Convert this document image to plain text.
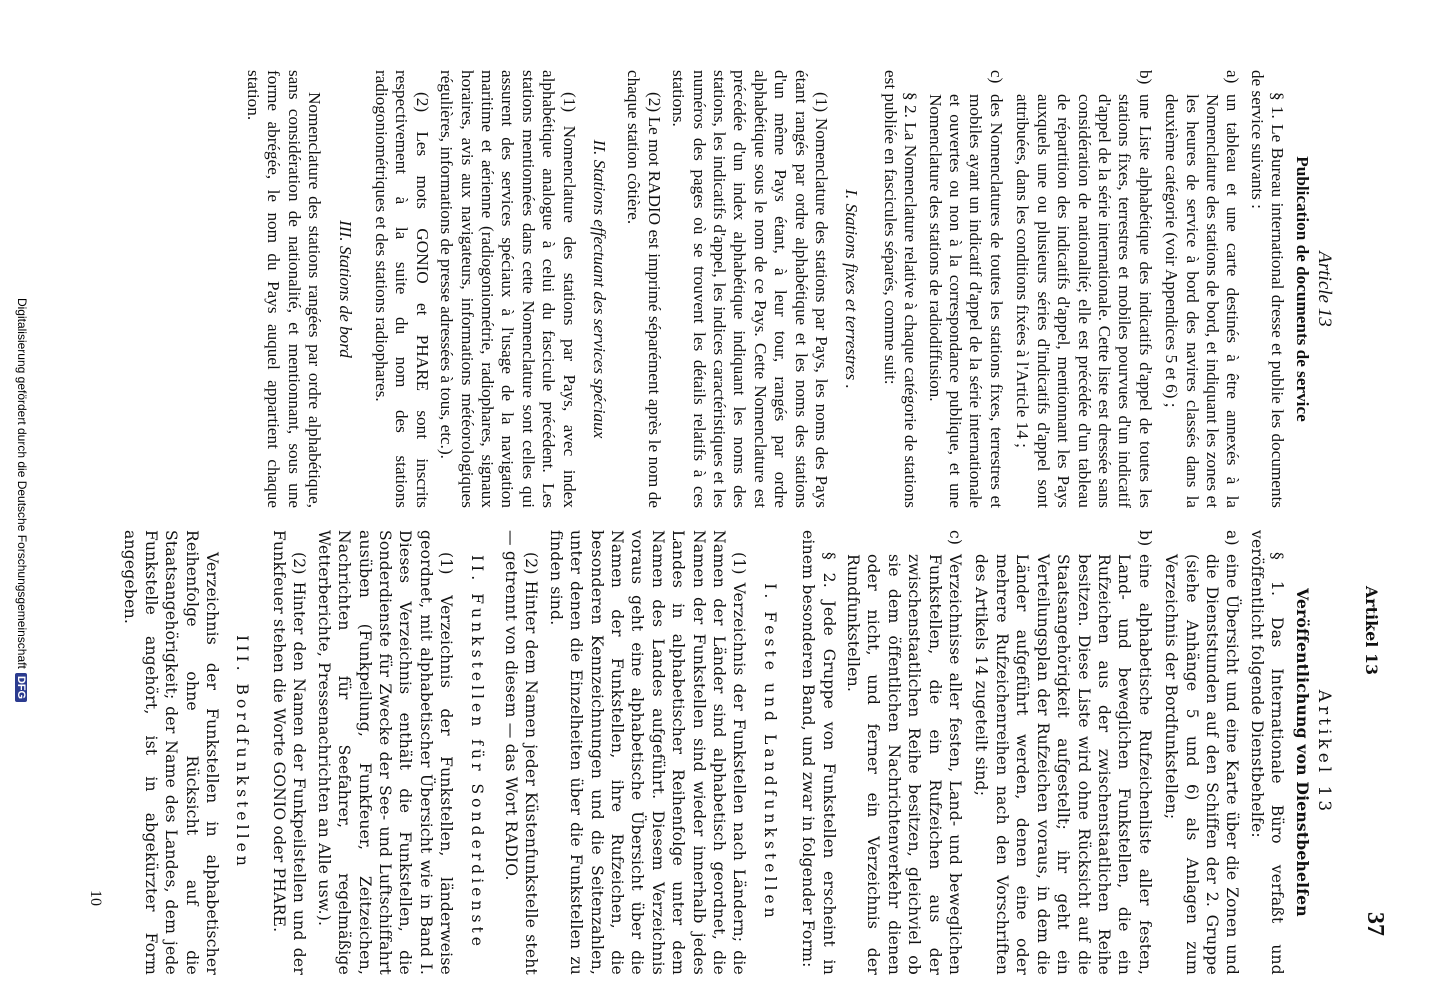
Artikel 13
37

Article 13

Publication de documents de service

§ 1. Le Bureau international dresse et publie les documents de service suivants :

a)
un tableau et une carte destinés à être annexés à la Nomenclature des stations de bord, et indiquant les zones et les heures de service à bord des navires classés dans la deuxième catégorie (voir Appendices 5 et 6) ;
b)
une Liste alphabétique des indicatifs d'appel de toutes les stations fixes, terrestres et mobiles pourvues d'un indicatif d'appel de la série internationale. Cette liste est dressée sans considération de nationalité; elle est précédée d'un tableau de répartition des indicatifs d'appel, mentionnant les Pays auxquels une ou plusieurs séries d'indicatifs d'appel sont attribuées, dans les conditions fixées à l'Article 14 ;
c)
des Nomenclatures de toutes les stations fixes, terrestres et mobiles ayant un indicatif d'appel de la série internationale et ouvertes ou non à la correspondance publique, et une Nomenclature des stations de radiodiffusion.

§ 2. La Nomenclature relative à chaque catégorie de stations est publiée en fascicules séparés, comme suit:

I. Stations fixes et terrestres .

(1) Nomenclature des stations par Pays, les noms des Pays étant rangés par ordre alphabétique et les noms des stations d'un même Pays étant, à leur tour, rangés par ordre alphabétique sous le nom de ce Pays. Cette Nomenclature est précédée d'un index alphabétique indiquant les noms des stations, les indicatifs d'appel, les indices caractéristiques et les numéros des pages où se trouvent les détails relatifs à ces stations.

(2) Le mot RADIO est imprimé séparément après le nom de chaque station côtière.

II. Stations effectuant des services spéciaux

(1) Nomenclature des stations par Pays, avec index alphabétique analogue à celui du fascicule précédent. Les stations mentionnées dans cette Nomenclature sont celles qui assurent des services spéciaux à l'usage de la navigation maritime et aérienne (radiogoniométrie, radiophares, signaux horaires, avis aux navigateurs, informations météorologiques régulières, informations de presse adressées à tous, etc.).

(2) Les mots GONIO et PHARE sont inscrits respectivement à la suite du nom des stations radiogoniométriques et des stations radiophares.

III. Stations de bord

Nomenclature des stations rangées par ordre alphabétique, sans considération de nationalité, et mentionnant, sous une forme abrégée, le nom du Pays auquel appartient chaque station.

Artikel 13

Veröffentlichung von Dienstbehelfen

§ 1. Das Internationale Büro verfaßt und veröffentlicht folgende Dienstbehelfe:

a)
eine Übersicht und eine Karte über die Zonen und die Dienststunden auf den Schiffen der 2. Gruppe (siehe Anhänge 5 und 6) als Anlagen zum Verzeichnis der Bordfunkstellen;
b)
eine alphabetische Rufzeichenliste aller festen, Land- und beweglichen Funkstellen, die ein Rufzeichen aus der zwischenstaatlichen Reihe besitzen. Diese Liste wird ohne Rücksicht auf die Staatsangehörigkeit aufgestellt; ihr geht ein Verteilungsplan der Rufzeichen voraus, in dem die Länder aufgeführt werden, denen eine oder mehrere Rufzeichenreihen nach den Vorschriften des Artikels 14 zugeteilt sind;
c)
Verzeichnisse aller festen, Land- und beweglichen Funkstellen, die ein Rufzeichen aus der zwischenstaatlichen Reihe besitzen, gleichviel ob sie dem öffentlichen Nachrichtenverkehr dienen oder nicht, und ferner ein Verzeichnis der Rundfunkstellen.

§ 2. Jede Gruppe von Funkstellen erscheint in einem besonderen Band, und zwar in folgender Form:

I. Feste und Landfunkstellen

(1) Verzeichnis der Funkstellen nach Ländern; die Namen der Länder sind alphabetisch geordnet, die Namen der Funkstellen sind wieder innerhalb jedes Landes in alphabetischer Reihenfolge unter dem Namen des Landes aufgeführt. Diesem Verzeichnis voraus geht eine alphabetische Übersicht über die Namen der Funkstellen, ihre Rufzeichen, die besonderen Kennzeichnungen und die Seitenzahlen, unter denen die Einzelheiten über die Funkstellen zu finden sind.

(2) Hinter dem Namen jeder Küstenfunkstelle steht — getrennt von diesem — das Wort RADIO.

II. Funkstellen für Sonderdienste

(1) Verzeichnis der Funkstellen, länderweise geordnet, mit alphabetischer Übersicht wie in Band I. Dieses Verzeichnis enthält die Funkstellen, die Sonderdienste für Zwecke der See- und Luftschiffahrt ausüben (Funkpeilung, Funkfeuer, Zeitzeichen, Nachrichten für Seefahrer, regelmäßige Wetterberichte, Pressenachrichten an Alle usw.).

(2) Hinter den Namen der Funkpeilstellen und der Funkfeuer stehen die Worte GONIO oder PHARE.

III. Bordfunkstellen

Verzeichnis der Funkstellen in alphabetischer Reihenfolge ohne Rücksicht auf die Staatsangehörigkeit; der Name des Landes, dem jede Funkstelle angehört, ist in abgekürzter Form angegeben.

10
Digitalisierung gefördert durch die Deutsche ForschungsgemeinschaftDFG
